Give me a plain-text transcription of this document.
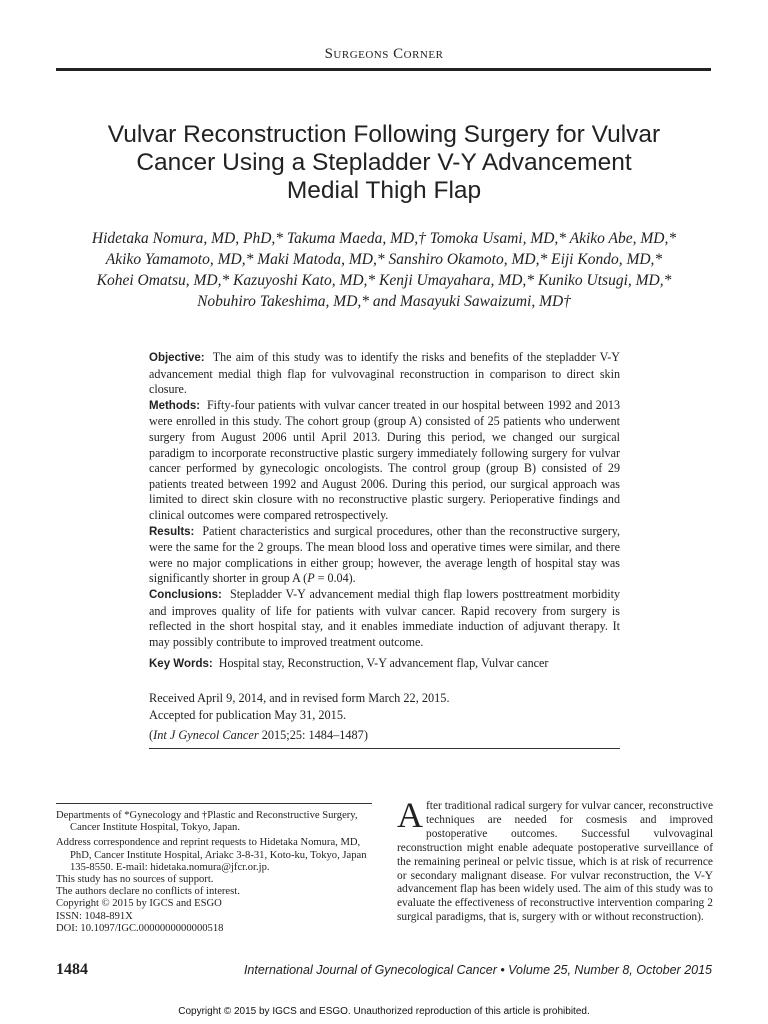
Surgeons Corner
Vulvar Reconstruction Following Surgery for Vulvar
Cancer Using a Stepladder V-Y Advancement
Medial Thigh Flap
Hidetaka Nomura, MD, PhD,* Takuma Maeda, MD,† Tomoka Usami, MD,* Akiko Abe, MD,*
Akiko Yamamoto, MD,* Maki Matoda, MD,* Sanshiro Okamoto, MD,* Eiji Kondo, MD,*
Kohei Omatsu, MD,* Kazuyoshi Kato, MD,* Kenji Umayahara, MD,* Kuniko Utsugi, MD,*
Nobuhiro Takeshima, MD,* and Masayuki Sawaizumi, MD†

Objective: The aim of this study was to identify the risks and benefits of the stepladder V-Y advancement medial thigh flap for vulvovaginal reconstruction in comparison to direct skin closure.

Methods: Fifty-four patients with vulvar cancer treated in our hospital between 1992 and 2013 were enrolled in this study. The cohort group (group A) consisted of 25 patients who underwent surgery from August 2006 until April 2013. During this period, we changed our surgical paradigm to incorporate reconstructive plastic surgery immediately following surgery for vulvar cancer performed by gynecologic oncologists. The control group (group B) consisted of 29 patients treated between 1992 and August 2006. During this period, our surgical approach was limited to direct skin closure with no reconstructive plastic surgery. Perioperative findings and clinical outcomes were compared retrospectively.

Results: Patient characteristics and surgical procedures, other than the reconstructive surgery, were the same for the 2 groups. The mean blood loss and operative times were similar, and there were no major complications in either group; however, the average length of hospital stay was significantly shorter in group A (P = 0.04).

Conclusions: Stepladder V-Y advancement medial thigh flap lowers posttreatment morbidity and improves quality of life for patients with vulvar cancer. Rapid recovery from surgery is reflected in the short hospital stay, and it enables immediate induction of adjuvant therapy. It may possibly contribute to improved treatment outcome.

Key Words: Hospital stay, Reconstruction, V-Y advancement flap, Vulvar cancer

Received April 9, 2014, and in revised form March 22, 2015.

Accepted for publication May 31, 2015.

(Int J Gynecol Cancer 2015;25: 1484–1487)

Departments of *Gynecology and †Plastic and Reconstructive Surgery, Cancer Institute Hospital, Tokyo, Japan.

Address correspondence and reprint requests to Hidetaka Nomura, MD, PhD, Cancer Institute Hospital, Ariakc 3-8-31, Koto-ku, Tokyo, Japan 135-8550. E-mail: hidetaka.nomura@jfcr.or.jp.

This study has no sources of support.

The authors declare no conflicts of interest.

Copyright © 2015 by IGCS and ESGO

ISSN: 1048-891X

DOI: 10.1097/IGC.0000000000000518

After traditional radical surgery for vulvar cancer, reconstructive techniques are needed for cosmesis and improved postoperative outcomes. Successful vulvovaginal reconstruction might enable adequate postoperative surveillance of the remaining perineal or pelvic tissue, which is at risk of recurrence or secondary malignant disease. For vulvar reconstruction, the V-Y advancement flap has been widely used. The aim of this study was to evaluate the effectiveness of reconstructive intervention comparing 2 surgical paradigms, that is, surgery with or without reconstruction).
1484	International Journal of Gynecological Cancer • Volume 25, Number 8, October 2015
Copyright © 2015 by IGCS and ESGO. Unauthorized reproduction of this article is prohibited.
